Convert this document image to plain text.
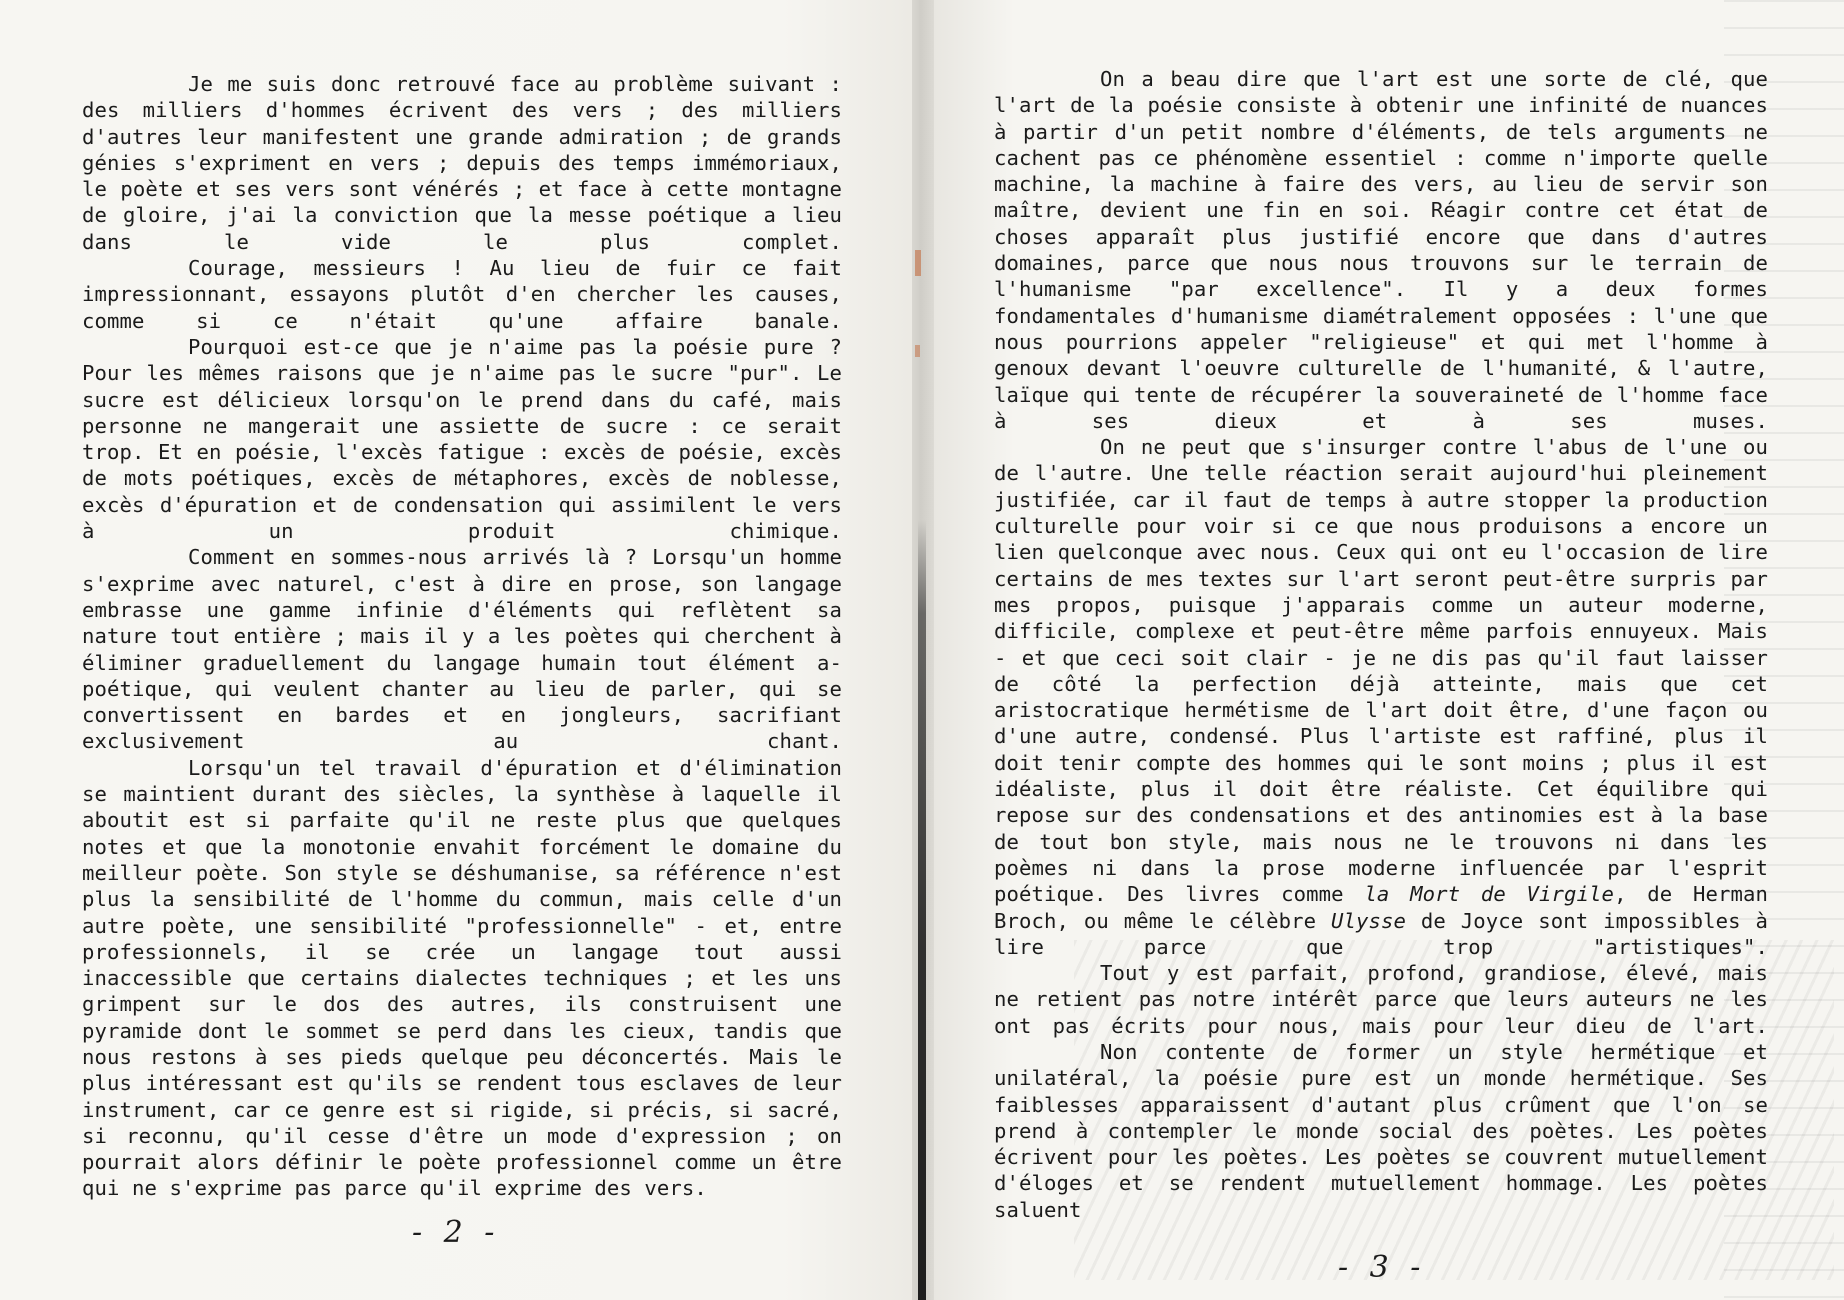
Je me suis donc retrouvé face au problème suivant : des milliers d'hommes écrivent des vers ; des milliers d'autres leur manifestent une grande admiration ; de grands génies s'expriment en vers ; depuis des temps immémoriaux, le poète et ses vers sont vénérés ; et face à cette montagne de gloire, j'ai la conviction que la messe poétique a lieu dans le vide le plus complet.

Courage, messieurs ! Au lieu de fuir ce fait impressionnant, essayons plutôt d'en chercher les causes, comme si ce n'était qu'une affaire banale.

Pourquoi est-ce que je n'aime pas la poésie pure ? Pour les mêmes raisons que je n'aime pas le sucre "pur". Le sucre est délicieux lorsqu'on le prend dans du café, mais personne ne mangerait une assiette de sucre : ce serait trop. Et en poésie, l'excès fatigue : excès de poésie, excès de mots poétiques, excès de métaphores, excès de noblesse, excès d'épuration et de condensation qui assimilent le vers à un produit chimique.

Comment en sommes-nous arrivés là ? Lorsqu'un homme s'exprime avec naturel, c'est à dire en prose, son langage embrasse une gamme infinie d'éléments qui reflètent sa nature tout entière ; mais il y a les poètes qui cherchent à éliminer graduellement du langage humain tout élément a-poétique, qui veulent chanter au lieu de parler, qui se convertissent en bardes et en jongleurs, sacrifiant exclusivement au chant.

Lorsqu'un tel travail d'épuration et d'élimination se maintient durant des siècles, la synthèse à laquelle il aboutit est si parfaite qu'il ne reste plus que quelques notes et que la monotonie envahit forcément le domaine du meilleur poète. Son style se déshumanise, sa référence n'est plus la sensibilité de l'homme du commun, mais celle d'un autre poète, une sensibilité "professionnelle" - et, entre professionnels, il se crée un langage tout aussi inaccessible que certains dialectes techniques ; et les uns grimpent sur le dos des autres, ils construisent une pyramide dont le sommet se perd dans les cieux, tandis que nous restons à ses pieds quelque peu déconcertés. Mais le plus intéressant est qu'ils se rendent tous esclaves de leur instrument, car ce genre est si rigide, si précis, si sacré, si reconnu, qu'il cesse d'être un mode d'expression ; on pourrait alors définir le poète professionnel comme un être qui ne s'exprime pas parce qu'il exprime des vers.

- 2 -

On a beau dire que l'art est une sorte de clé, que l'art de la poésie consiste à obtenir une infinité de nuances à partir d'un petit nombre d'éléments, de tels arguments ne cachent pas ce phénomène essentiel : comme n'importe quelle machine, la machine à faire des vers, au lieu de servir son maître, devient une fin en soi. Réagir contre cet état de choses apparaît plus justifié encore que dans d'autres domaines, parce que nous nous trouvons sur le terrain de l'humanisme "par excellence". Il y a deux formes fondamentales d'humanisme diamétralement opposées : l'une que nous pourrions appeler "religieuse" et qui met l'homme à genoux devant l'oeuvre culturelle de l'humanité, & l'autre, laïque qui tente de récupérer la souveraineté de l'homme face à ses dieux et à ses muses.

On ne peut que s'insurger contre l'abus de l'une ou de l'autre. Une telle réaction serait aujourd'hui pleinement justifiée, car il faut de temps à autre stopper la production culturelle pour voir si ce que nous produisons a encore un lien quelconque avec nous. Ceux qui ont eu l'occasion de lire certains de mes textes sur l'art seront peut-être surpris par mes propos, puisque j'apparais comme un auteur moderne, difficile, complexe et peut-être même parfois ennuyeux. Mais - et que ceci soit clair - je ne dis pas qu'il faut laisser de côté la perfection déjà atteinte, mais que cet aristocratique hermétisme de l'art doit être, d'une façon ou d'une autre, condensé. Plus l'artiste est raffiné, plus il doit tenir compte des hommes qui le sont moins ; plus il est idéaliste, plus il doit être réaliste. Cet équilibre qui repose sur des condensations et des antinomies est à la base de tout bon style, mais nous ne le trouvons ni dans les poèmes ni dans la prose moderne influencée par l'esprit poétique. Des livres comme la Mort de Virgile, de Herman Broch, ou même le célèbre Ulysse de Joyce sont impossibles à lire parce que trop "artistiques".

Tout y est parfait, profond, grandiose, élevé, mais ne retient pas notre intérêt parce que leurs auteurs ne les ont pas écrits pour nous, mais pour leur dieu de l'art.

Non contente de former un style hermétique et unilatéral, la poésie pure est un monde hermétique. Ses faiblesses apparaissent d'autant plus crûment que l'on se prend à contempler le monde social des poètes. Les poètes écrivent pour les poètes. Les poètes se couvrent mutuellement d'éloges et se rendent mutuellement hommage. Les poètes saluent

- 3 -
